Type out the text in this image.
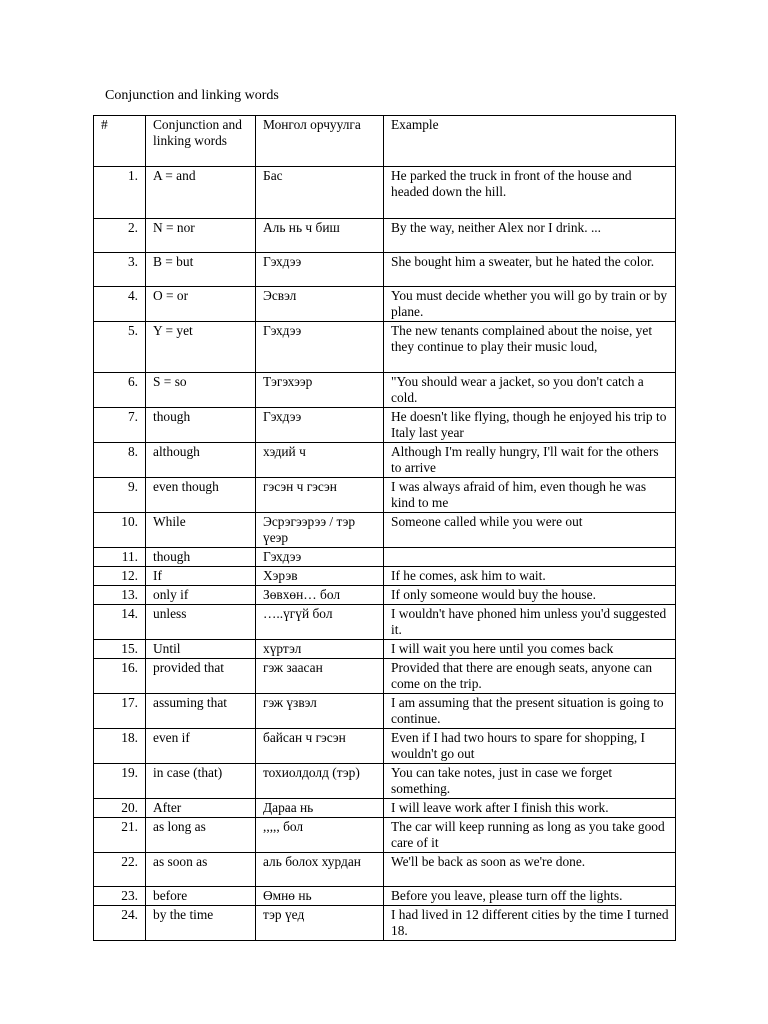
Conjunction and linking words
#	Conjunction and linking words	Монгол орчуулга	Example
1.	A = and	Бас	He parked the truck in front of the house and headed down the hill.
2.	N = nor	Аль нь ч биш	By the way, neither Alex nor I drink. ...
3.	B = but	Гэхдээ	She bought him a sweater, but he hated the color.
4.	O = or	Эсвэл	You must decide whether you will go by train or by plane.
5.	Y = yet	Гэхдээ	The new tenants complained about the noise, yet they continue to play their music loud,
6.	S = so	Тэгэхээр	"You should wear a jacket, so you don't catch a cold.
7.	though	Гэхдээ	He doesn't like flying, though he enjoyed his trip to Italy last year
8.	although	хэдий ч	Although I'm really hungry, I'll wait for the others to arrive
9.	even though	гэсэн ч гэсэн	I was always afraid of him, even though he was kind to me
10.	While	Эсрэгээрээ / тэр үеэр	Someone called while you were out
11.	though	Гэхдээ	
12.	If	Хэрэв	If he comes, ask him to wait.
13.	only if	Зөвхөн… бол	If only someone would buy the house.
14.	unless	…..үгүй бол	I wouldn't have phoned him unless you'd suggested it.
15.	Until	хүртэл	I will wait you here until you comes back
16.	provided that	гэж заасан	Provided that there are enough seats, anyone can come on the trip.
17.	assuming that	гэж үзвэл	I am assuming that the present situation is going to continue.
18.	even if	байсан ч гэсэн	Even if I had two hours to spare for shopping, I wouldn't go out
19.	in case (that)	тохиолдолд (тэр)	You can take notes, just in case we forget something.
20.	After	Дараа нь	I will leave work after I finish this work.
21.	as long as	,,,,, бол	The car will keep running as long as you take good care of it
22.	as soon as	аль болох хурдан	We'll be back as soon as we're done.
23.	before	Өмнө нь	Before you leave, please turn off the lights.
24.	by the time	тэр үед	I had lived in 12 different cities by the time I turned 18.
